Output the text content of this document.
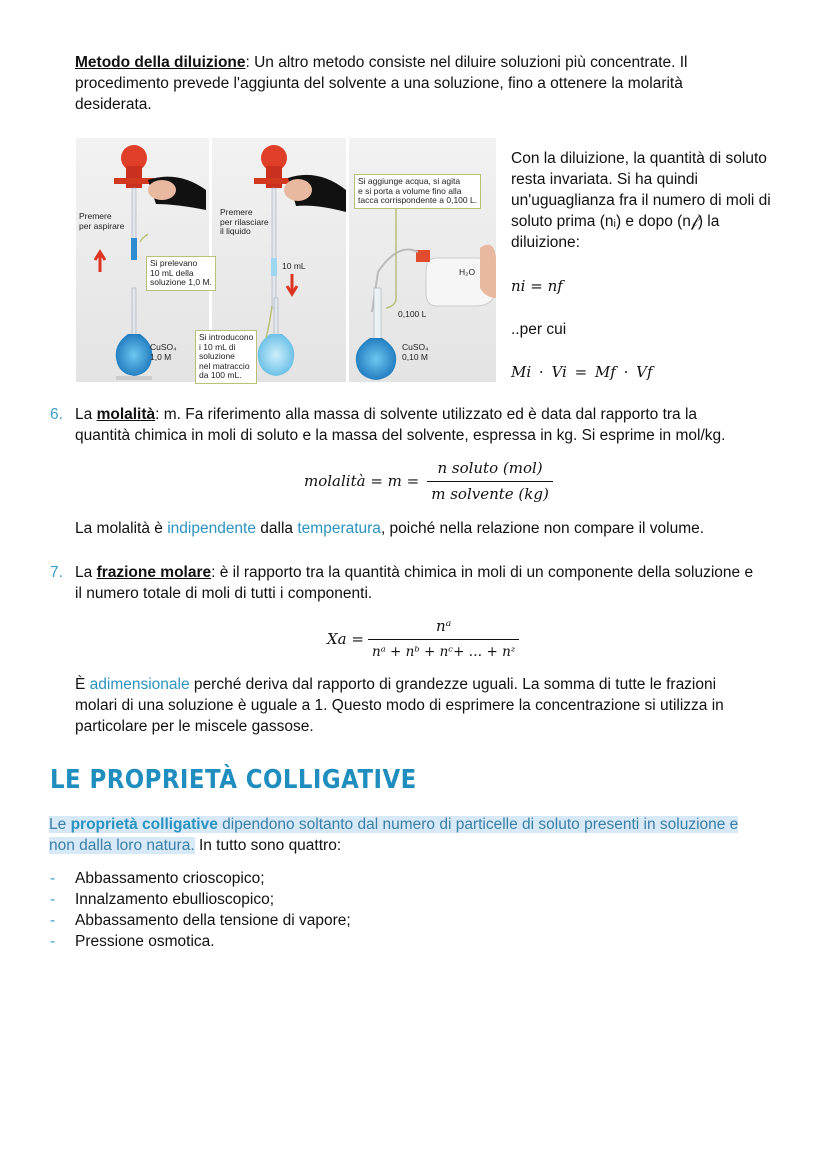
Metodo della diluizione: Un altro metodo consiste nel diluire soluzioni più concentrate. Il
procedimento prevede l'aggiunta del solvente a una soluzione, fino a ottenere la molarità
desiderata.
Premere
per aspirare
Premere
per rilasciare
il liquido
Si prelevano
10 mL della
soluzione 1,0 M.
10 mL
CuSO₄
1,0 M
Si introducono
i 10 mL di
soluzione
nel matraccio
da 100 mL.
Si aggiunge acqua, si agita
e si porta a volume fino alla
tacca corrispondente a 0,100 L.
H₂O
0,100 L
CuSO₄
0,10 M
Con la diluizione, la quantità di soluto
resta invariata. Si ha quindi
un'uguaglianza fra il numero di moli di
soluto prima (nᵢ) e dopo (n𝒻) la
diluizione:
ni = nf
..per cui
Mi · Vi = Mf · Vf
6. La molalità: m. Fa riferimento alla massa di solvente utilizzato ed è data dal rapporto tra la
quantità chimica in moli di soluto e la massa del solvente, espressa in kg. Si esprime in mol/kg.
molalità = m =
n soluto (mol)
m solvente (kg)
La molalità è indipendente dalla temperatura, poiché nella relazione non compare il volume.
7. La frazione molare: è il rapporto tra la quantità chimica in moli di un componente della soluzione e
il numero totale di moli di tutti i componenti.
$Xa = \frac{\text{nᵃ}}{\text{nᵃ + nᵇ + nᶜ+ … + nᶻ}}$
È adimensionale perché deriva dal rapporto di grandezze uguali. La somma di tutte le frazioni
molari di una soluzione è uguale a 1. Questo modo di esprimere la concentrazione si utilizza in
particolare per le miscele gassose.
LE PROPRIETÀ COLLIGATIVE
Le proprietà colligative dipendono soltanto dal numero di particelle di soluto presenti in soluzione e
non dalla loro natura. In tutto sono quattro:
- Abbassamento crioscopico;
- Innalzamento ebullioscopico;
- Abbassamento della tensione di vapore;
- Pressione osmotica.
